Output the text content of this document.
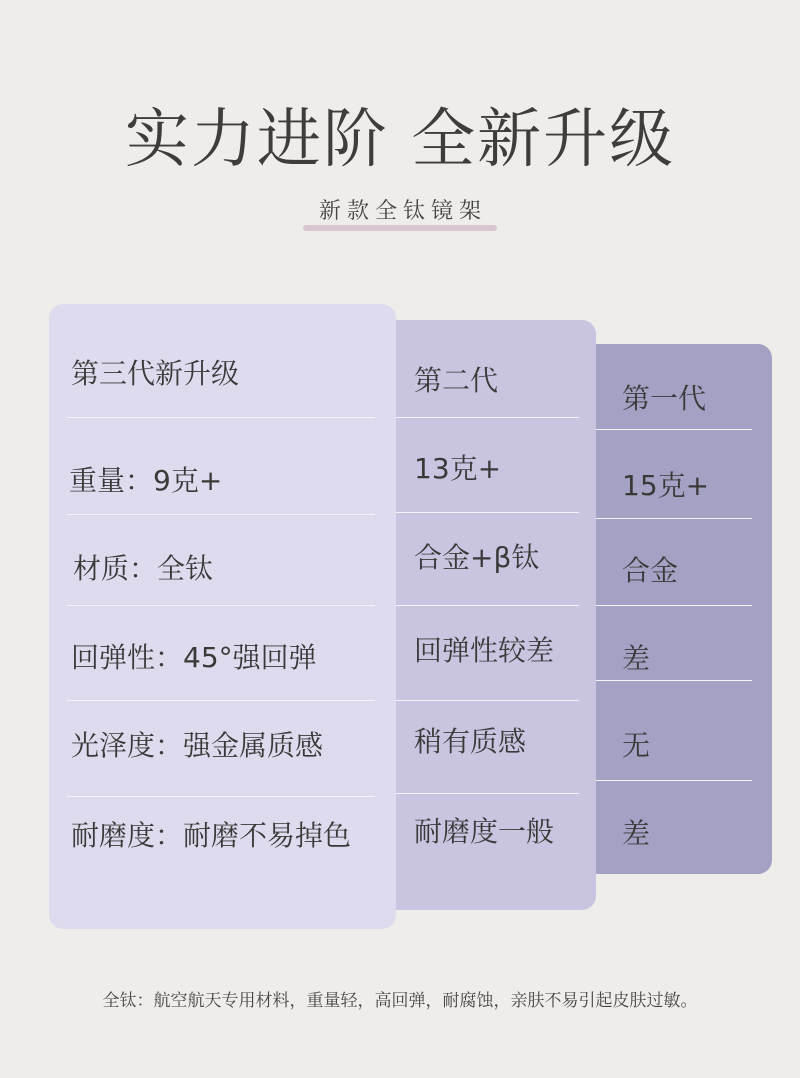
实力进阶 全新升级
新款全钛镜架
第三代新升级
重量：9克+
材质：全钛
回弹性：45°强回弹
光泽度：强金属质感
耐磨度：耐磨不易掉色
第二代
13克+
合金+β钛
回弹性较差
稍有质感
耐磨度一般
第一代
15克+
合金
差
无
差
全钛：航空航天专用材料，重量轻，高回弹，耐腐蚀，亲肤不易引起皮肤过敏。
